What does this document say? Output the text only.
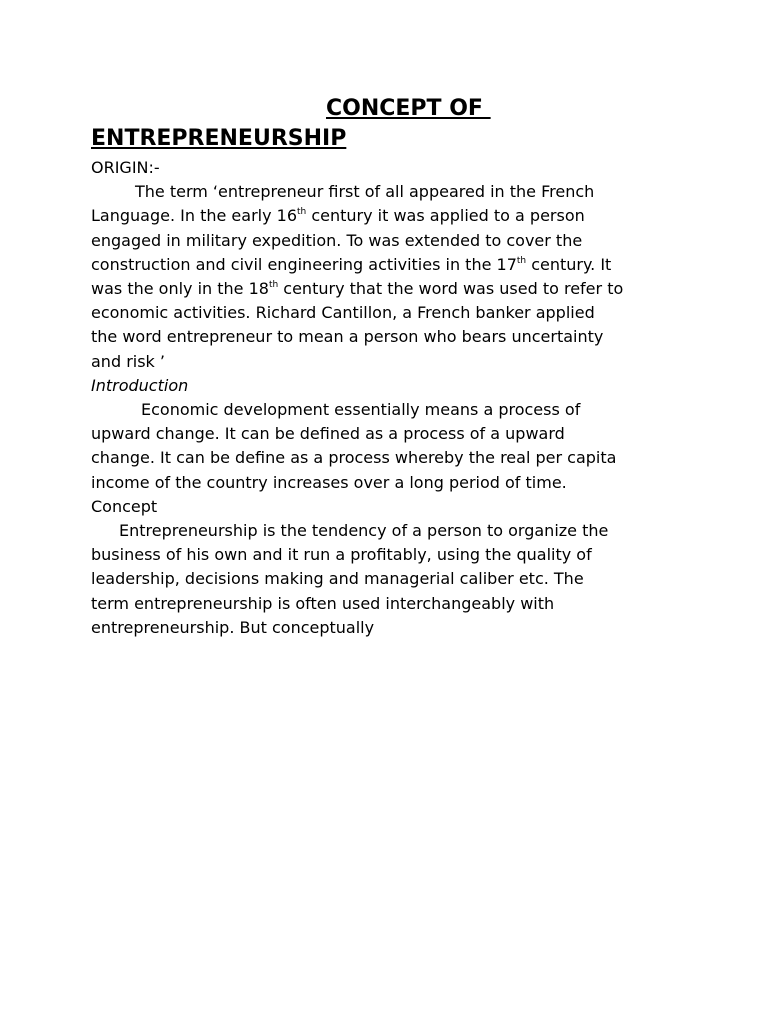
CONCEPT OF
ENTREPRENEURSHIP
ORIGIN:-
The term ‘entrepreneur first of all appeared in the French
Language. In the early 16th century it was applied to a person
engaged in military expedition. To was extended to cover the
construction and civil engineering activities in the 17th century. It
was the only in the 18th century that the word was used to refer to
economic activities. Richard Cantillon, a French banker applied
the word entrepreneur to mean a person who bears uncertainty
and risk ’
Introduction
Economic development essentially means a process of
upward change. It can be defined as a process of a upward
change. It can be define as a process whereby the real per capita
income of the country increases over a long period of time.
Concept
Entrepreneurship is the tendency of a person to organize the
business of his own and it run a profitably, using the quality of
leadership, decisions making and managerial caliber etc. The
term entrepreneurship is often used interchangeably with
entrepreneurship. But conceptually
